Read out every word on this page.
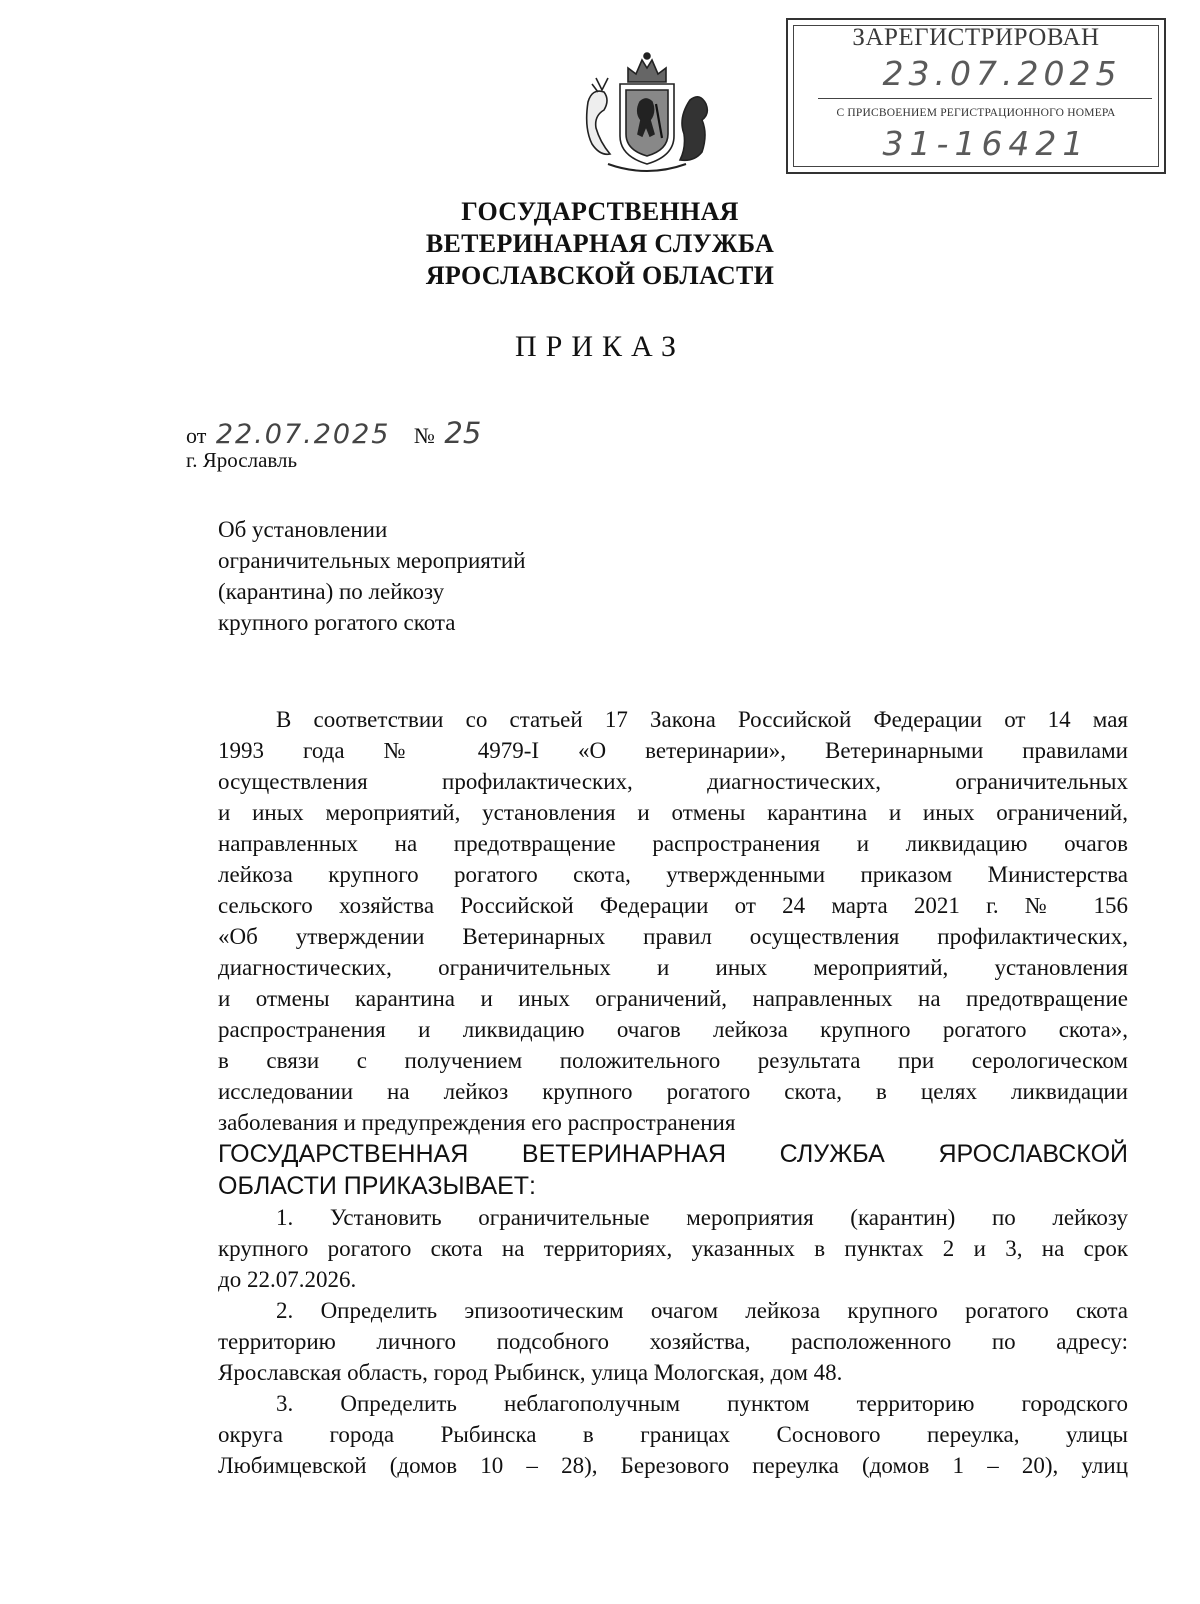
ЗАРЕГИСТРИРОВАН
23.07.2025
С ПРИСВОЕНИЕМ РЕГИСТРАЦИОННОГО НОМЕРА
31-16421
ГОСУДАРСТВЕННАЯ
ВЕТЕРИНАРНАЯ СЛУЖБА
ЯРОСЛАВСКОЙ ОБЛАСТИ
ПРИКАЗ
от 22.07.2025 № 25
г. Ярославль
Об установлении
ограничительных мероприятий
(карантина) по лейкозу
крупного рогатого скота
В соответствии со статьей 17 Закона Российской Федерации от 14 мая
1993 года № 4979-I «О ветеринарии», Ветеринарными правилами
осуществления профилактических, диагностических, ограничительных
и иных мероприятий, установления и отмены карантина и иных ограничений,
направленных на предотвращение распространения и ликвидацию очагов
лейкоза крупного рогатого скота, утвержденными приказом Министерства
сельского хозяйства Российской Федерации от 24 марта 2021 г. № 156
«Об утверждении Ветеринарных правил осуществления профилактических,
диагностических, ограничительных и иных мероприятий, установления
и отмены карантина и иных ограничений, направленных на предотвращение
распространения и ликвидацию очагов лейкоза крупного рогатого скота»,
в связи с получением положительного результата при серологическом
исследовании на лейкоз крупного рогатого скота, в целях ликвидации
заболевания и предупреждения его распространения
ГОСУДАРСТВЕННАЯ ВЕТЕРИНАРНАЯ СЛУЖБА ЯРОСЛАВСКОЙ
ОБЛАСТИ ПРИКАЗЫВАЕТ:
1. Установить ограничительные мероприятия (карантин) по лейкозу
крупного рогатого скота на территориях, указанных в пунктах 2 и 3, на срок
до 22.07.2026.
2. Определить эпизоотическим очагом лейкоза крупного рогатого скота
территорию личного подсобного хозяйства, расположенного по адресу:
Ярославская область, город Рыбинск, улица Мологская, дом 48.
3. Определить неблагополучным пунктом территорию городского
округа города Рыбинска в границах Соснового переулка, улицы
Любимцевской (домов 10 – 28), Березового переулка (домов 1 – 20), улиц
